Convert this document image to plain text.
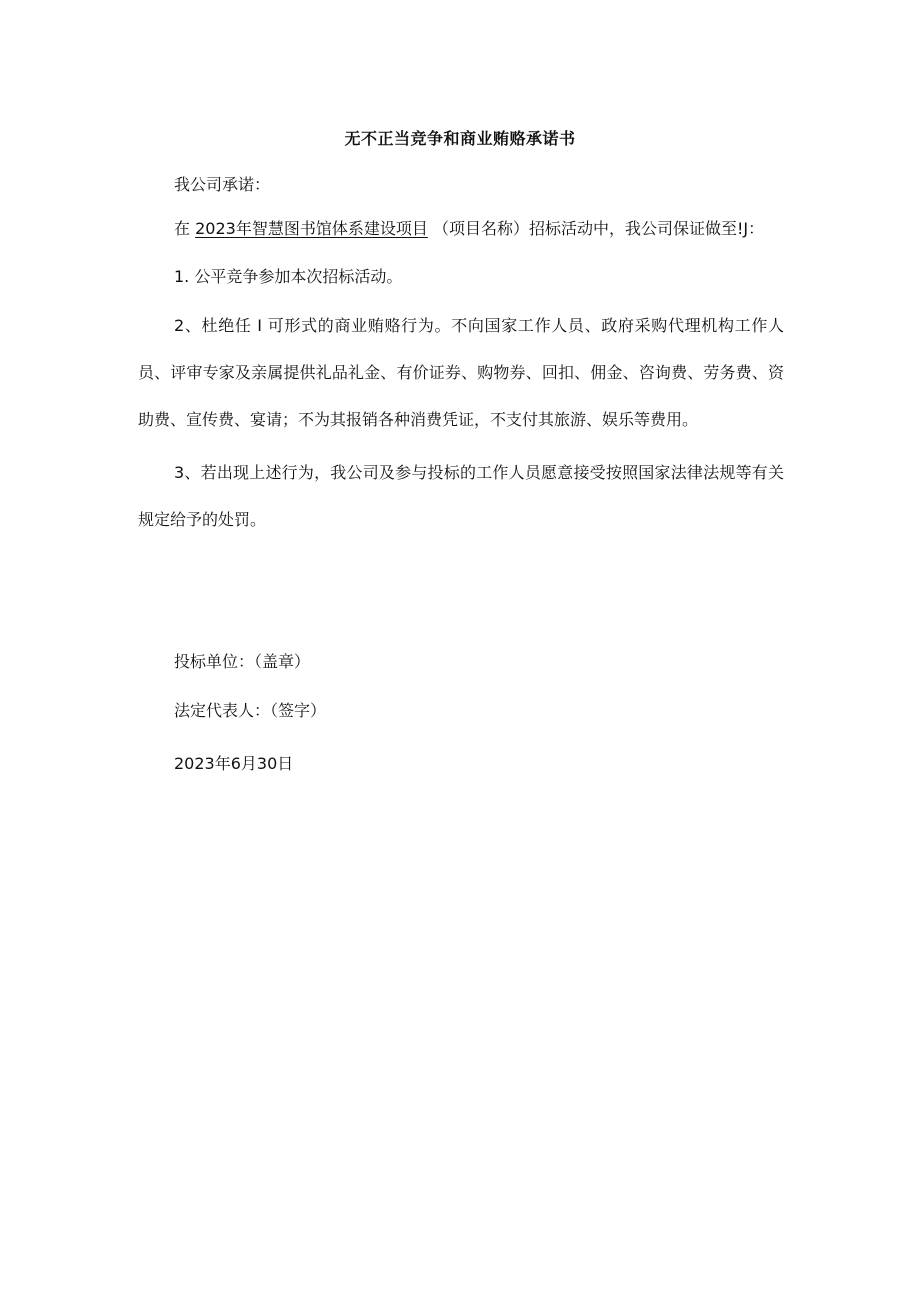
无不正当竞争和商业贿赂承诺书
我公司承诺：
在 2023年智慧图书馆体系建设项目 （项目名称）招标活动中，我公司保证做至!J：
1. 公平竞争参加本次招标活动。
2、杜绝任 I 可形式的商业贿赂行为。不向国家工作人员、政府采购代理机构工作人员、评审专家及亲属提供礼品礼金、有价证券、购物券、回扣、佣金、咨询费、劳务费、资助费、宣传费、宴请；不为其报销各种消费凭证，不支付其旅游、娱乐等费用。
3、若出现上述行为，我公司及参与投标的工作人员愿意接受按照国家法律法规等有关规定给予的处罚。
投标单位：（盖章）
法定代表人：（签字）
2023年6月30日
